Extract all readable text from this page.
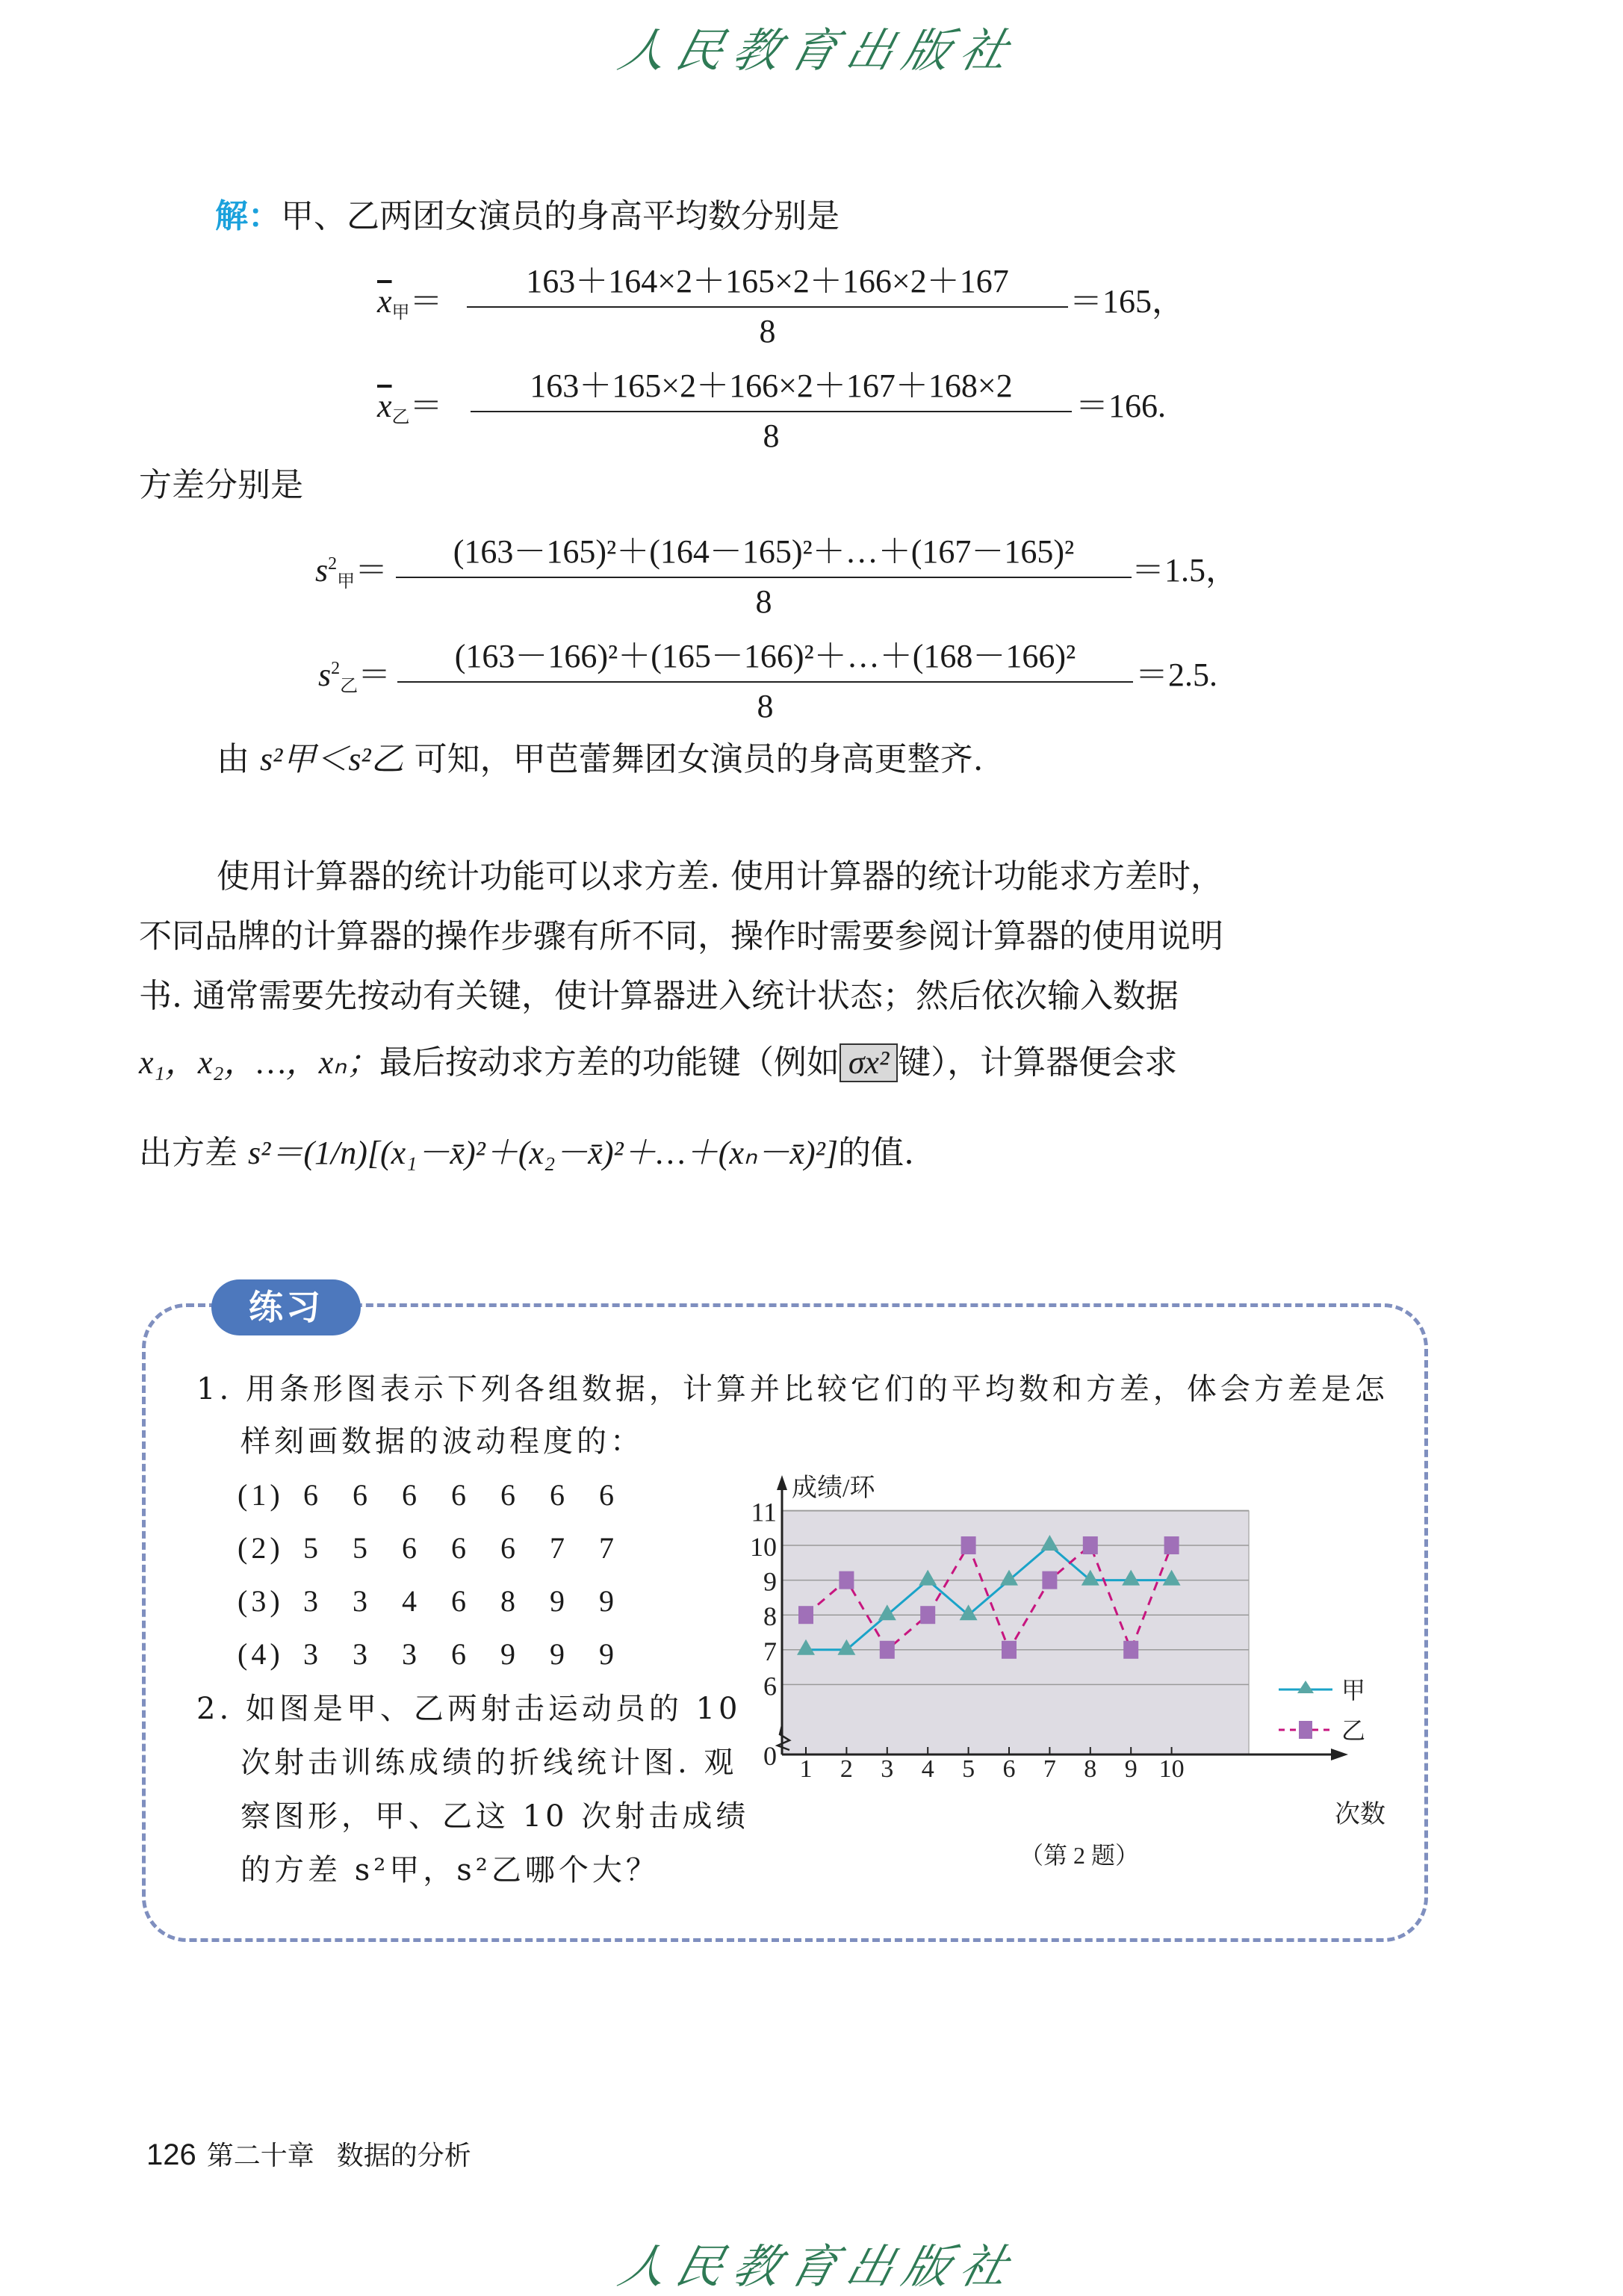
人民教育出版社
解：甲、乙两团女演员的身高平均数分别是
$\overline{x}_甲=$
163＋164×2＋165×2＋166×2＋167
8
＝165，
$\overline{x}_乙=$
163＋165×2＋166×2＋167＋168×2
8
＝166.
方差分别是
$s^2_甲=$
(163－165)²＋(164－165)²＋…＋(167－165)²
8
＝1.5，
$s^2_乙=$
(163－166)²＋(165－166)²＋…＋(168－166)²
8
＝2.5.
由 s²甲＜s²乙 可知，甲芭蕾舞团女演员的身高更整齐.
使用计算器的统计功能可以求方差. 使用计算器的统计功能求方差时，
不同品牌的计算器的操作步骤有所不同，操作时需要参阅计算器的使用说明
书. 通常需要先按动有关键，使计算器进入统计状态；然后依次输入数据
x₁，x₂，…，xₙ；最后按动求方差的功能键（例如 σx² 键），计算器便会求
出方差 s²＝(1/n)[(x₁－x̄)²＋(x₂－x̄)²＋…＋(xₙ－x̄)²]的值.
练习
1. 用条形图表示下列各组数据，计算并比较它们的平均数和方差，体会方差是怎
样刻画数据的波动程度的：
(1) 6 6 6 6 6 6 6
(2) 5 5 6 6 6 7 7
(3) 3 3 4 6 8 9 9
(4) 3 3 3 6 9 9 9
2. 如图是甲、乙两射击运动员的 10
次射击训练成绩的折线统计图. 观
察图形，甲、乙这 10 次射击成绩
的方差 s²甲，s²乙哪个大？
0
6
7
8
9
10
11
成绩/环
次数
1 2 3 4 5 6 7 8 9 10
甲
乙
（第 2 题）
126 第二十章 数据的分析
人民教育出版社
